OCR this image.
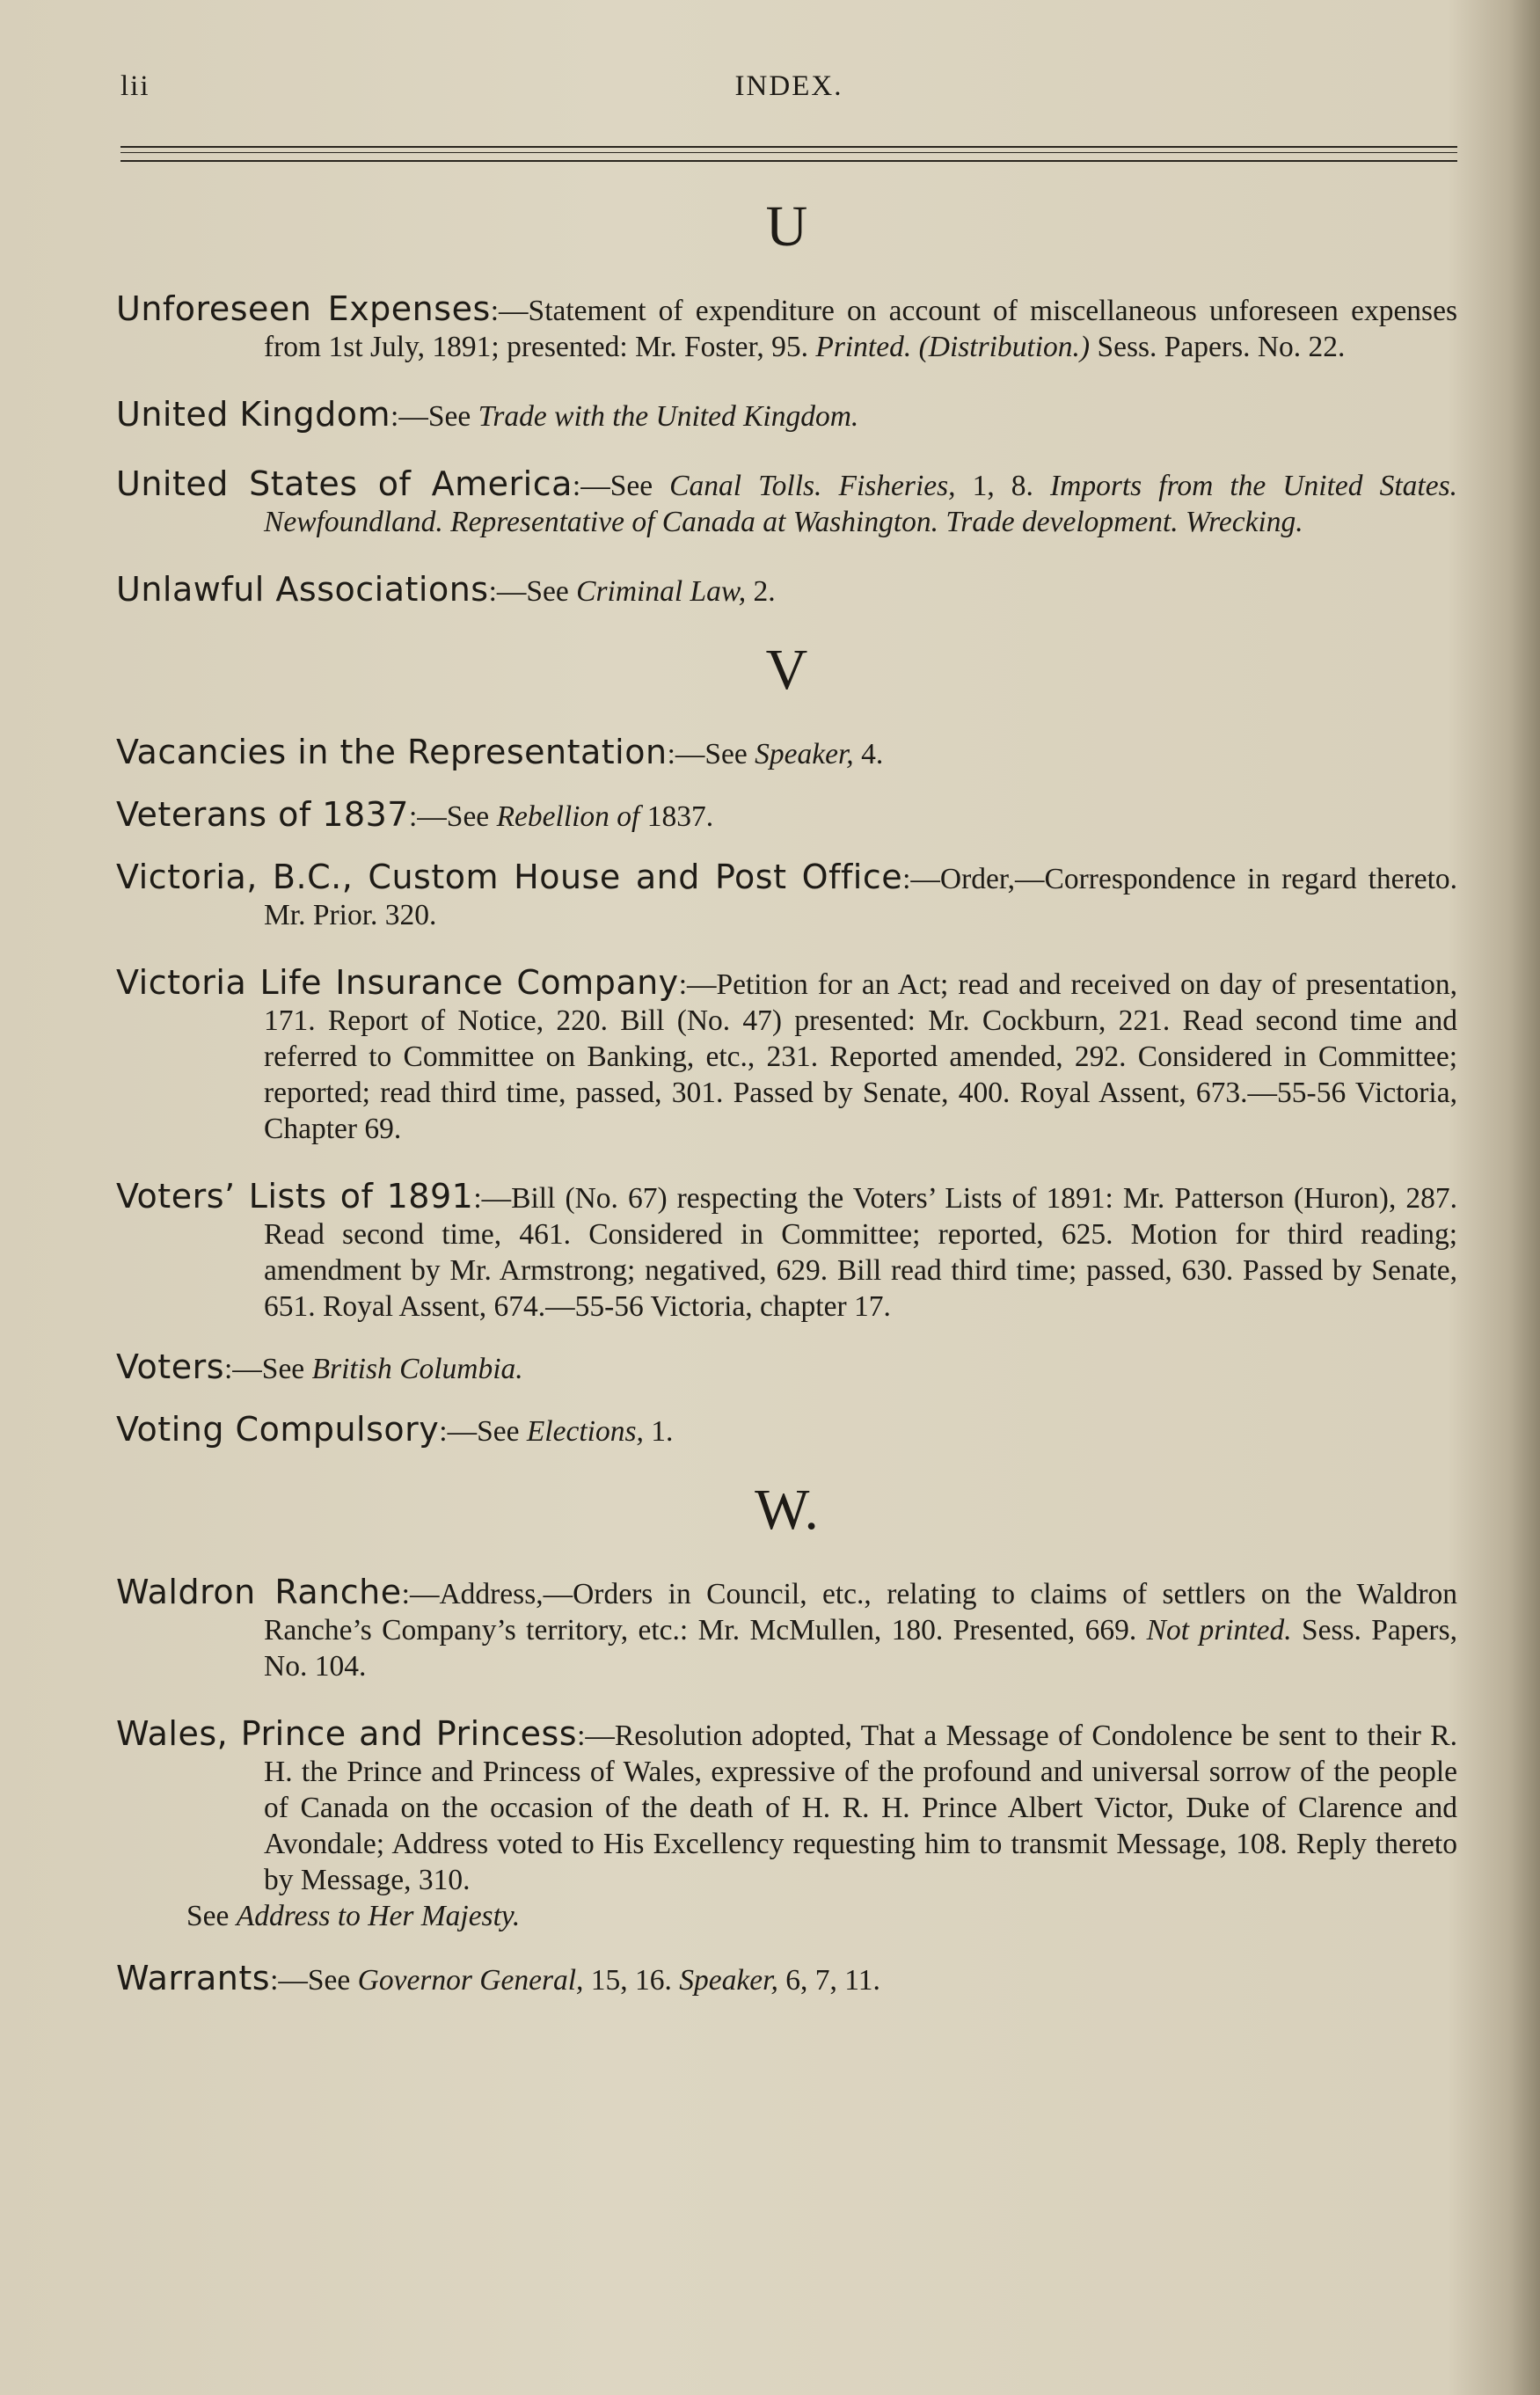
lii	INDEX.
U

Unforeseen Expenses:—Statement of expenditure on account of miscellaneous unforeseen expenses from 1st July, 1891; presented: Mr. Foster, 95. Printed. (Distribution.) Sess. Papers. No. 22.

United Kingdom:—See Trade with the United Kingdom.

United States of America:—See Canal Tolls. Fisheries, 1, 8. Imports from the United States. Newfoundland. Representative of Canada at Washington. Trade development. Wrecking.

Unlawful Associations:—See Criminal Law, 2.

V

Vacancies in the Representation:—See Speaker, 4.

Veterans of 1837:—See Rebellion of 1837.

Victoria, B.C., Custom House and Post Office:—Order,—Correspondence in regard thereto. Mr. Prior. 320.

Victoria Life Insurance Company:—Petition for an Act; read and received on day of presentation, 171. Report of Notice, 220. Bill (No. 47) presented: Mr. Cockburn, 221. Read second time and referred to Committee on Banking, etc., 231. Reported amended, 292. Considered in Committee; reported; read third time, passed, 301. Passed by Senate, 400. Royal Assent, 673.—55-56 Victoria, Chapter 69.

Voters’ Lists of 1891:—Bill (No. 67) respecting the Voters’ Lists of 1891: Mr. Patterson (Huron), 287. Read second time, 461. Considered in Committee; reported, 625. Motion for third reading; amendment by Mr. Armstrong; negatived, 629. Bill read third time; passed, 630. Passed by Senate, 651. Royal Assent, 674.—55-56 Victoria, chapter 17.

Voters:—See British Columbia.

Voting Compulsory:—See Elections, 1.

W.

Waldron Ranche:—Address,—Orders in Council, etc., relating to claims of settlers on the Waldron Ranche’s Company’s territory, etc.: Mr. McMullen, 180. Presented, 669. Not printed. Sess. Papers, No. 104.

Wales, Prince and Princess:—Resolution adopted, That a Message of Condolence be sent to their R. H. the Prince and Princess of Wales, expressive of the profound and universal sorrow of the people of Canada on the occasion of the death of H. R. H. Prince Albert Victor, Duke of Clarence and Avondale; Address voted to His Excellency requesting him to transmit Message, 108. Reply thereto by Message, 310.

See Address to Her Majesty.

Warrants:—See Governor General, 15, 16. Speaker, 6, 7, 11.
